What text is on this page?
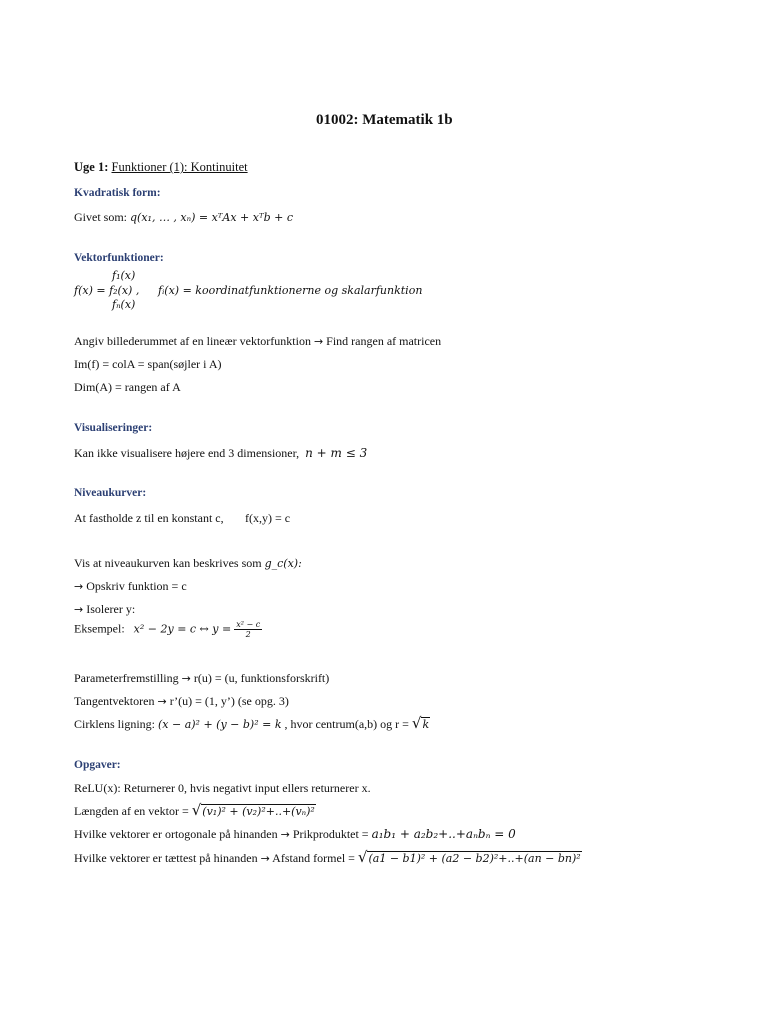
01002: Matematik 1b
Uge 1: Funktioner (1): Kontinuitet
Kvadratisk form:
Givet som: q(x₁, … , xₙ) = xᵀAx + xᵀb + c
Vektorfunktioner:
f₁(x)
f(x) = f₂(x) , fᵢ(x) = koordinatfunktionerne og skalarfunktion
fₙ(x)
Angiv billederummet af en lineær vektorfunktion → Find rangen af matricen
Im(f) = colA = span(søjler i A)
Dim(A) = rangen af A
Visualiseringer:
Kan ikke visualisere højere end 3 dimensioner, n + m ≤ 3
Niveaukurver:
At fastholde z til en konstant c, f(x,y) = c
Vis at niveaukurven kan beskrives som g_c(x):
→ Opskriv funktion = c
→ Isolerer y:
Eksempel: x² − 2y = c ↔ $y = \frac{\text{x² − c}}{2}$
Parameterfremstilling → r(u) = (u, funktionsforskrift)
Tangentvektoren → r’(u) = (1, y’) (se opg. 3)
Cirklens ligning: (x − a)² + (y − b)² = k , hvor centrum(a,b) og r = √k
Opgaver:
ReLU(x): Returnerer 0, hvis negativt input ellers returnerer x.
Længden af en vektor = √(v₁)² + (v₂)²+..+(vₙ)²
Hvilke vektorer er ortogonale på hinanden → Prikproduktet = a₁b₁ + a₂b₂+..+aₙbₙ = 0
Hvilke vektorer er tættest på hinanden → Afstand formel = √(a1 − b1)² + (a2 − b2)²+..+(an − bn)²
